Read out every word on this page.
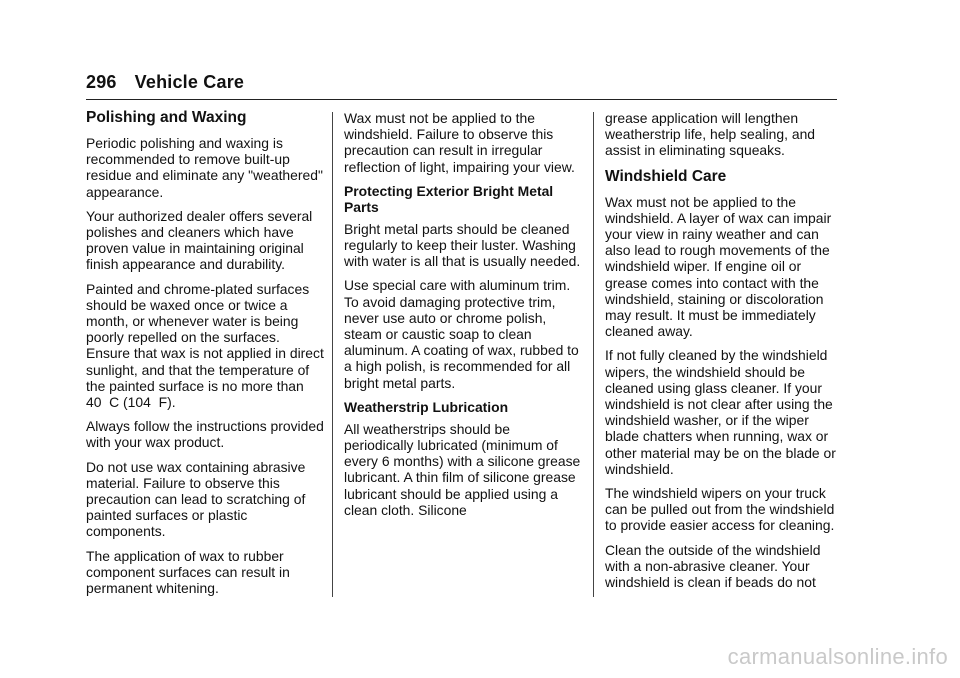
296 Vehicle Care
Polishing and Waxing

Periodic polishing and waxing is recommended to remove built-up residue and eliminate any "weathered" appearance.

Your authorized dealer offers several polishes and cleaners which have proven value in maintaining original finish appearance and durability.

Painted and chrome-plated surfaces should be waxed once or twice a month, or whenever water is being poorly repelled on the surfaces. Ensure that wax is not applied in direct sunlight, and that the temperature of the painted surface is no more than 40  C (104  F).

Always follow the instructions provided with your wax product.

Do not use wax containing abrasive material. Failure to observe this precaution can lead to scratching of painted surfaces or plastic components.

The application of wax to rubber component surfaces can result in permanent whitening.

Wax must not be applied to the windshield. Failure to observe this precaution can result in irregular reflection of light, impairing your view.

Protecting Exterior Bright Metal Parts

Bright metal parts should be cleaned regularly to keep their luster. Washing with water is all that is usually needed.

Use special care with aluminum trim. To avoid damaging protective trim, never use auto or chrome polish, steam or caustic soap to clean aluminum. A coating of wax, rubbed to a high polish, is recommended for all bright metal parts.

Weatherstrip Lubrication

All weatherstrips should be periodically lubricated (minimum of every 6 months) with a silicone grease lubricant. A thin film of silicone grease lubricant should be applied using a clean cloth. Silicone

grease application will lengthen weatherstrip life, help sealing, and assist in eliminating squeaks.

Windshield Care

Wax must not be applied to the windshield. A layer of wax can impair your view in rainy weather and can also lead to rough movements of the windshield wiper. If engine oil or grease comes into contact with the windshield, staining or discoloration may result. It must be immediately cleaned away.

If not fully cleaned by the windshield wipers, the windshield should be cleaned using glass cleaner. If your windshield is not clear after using the windshield washer, or if the wiper blade chatters when running, wax or other material may be on the blade or windshield.

The windshield wipers on your truck can be pulled out from the windshield to provide easier access for cleaning.

Clean the outside of the windshield with a non-abrasive cleaner. Your windshield is clean if beads do not

carmanualsonline.info
